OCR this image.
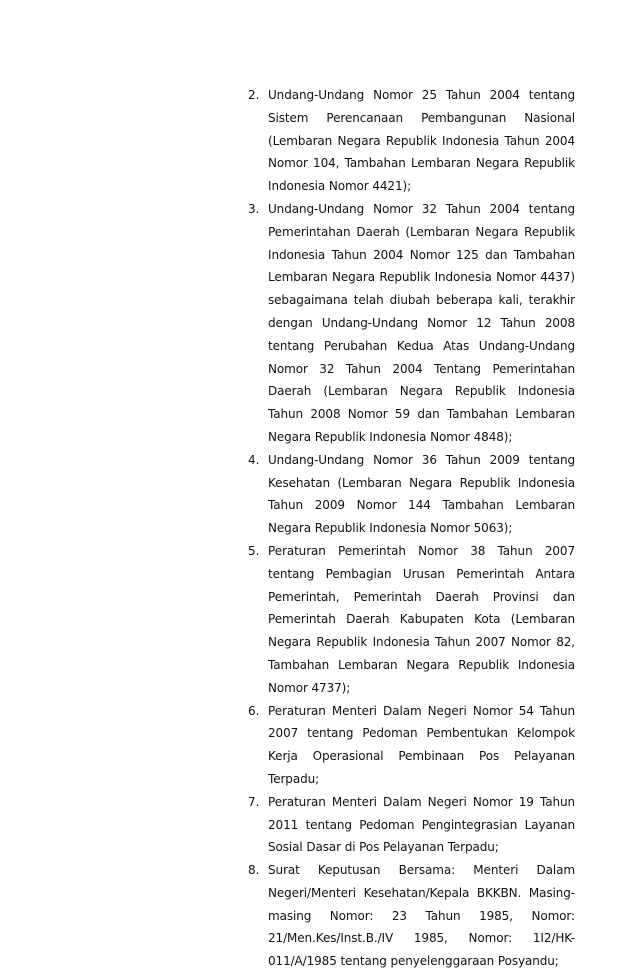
2. Undang-Undang Nomor 25 Tahun 2004 tentang Sistem Perencanaan Pembangunan Nasional (Lembaran Negara Republik Indonesia Tahun 2004 Nomor 104, Tambahan Lembaran Negara Republik Indonesia Nomor 4421);
3. Undang-Undang Nomor 32 Tahun 2004 tentang Pemerintahan Daerah (Lembaran Negara Republik Indonesia Tahun 2004 Nomor 125 dan Tambahan Lembaran Negara Republik Indonesia Nomor 4437) sebagaimana telah diubah beberapa kali, terakhir dengan Undang-Undang Nomor 12 Tahun 2008 tentang Perubahan Kedua Atas Undang-Undang Nomor 32 Tahun 2004 Tentang Pemerintahan Daerah (Lembaran Negara Republik Indonesia Tahun 2008 Nomor 59 dan Tambahan Lembaran Negara Republik Indonesia Nomor 4848);
4. Undang-Undang Nomor 36 Tahun 2009 tentang Kesehatan (Lembaran Negara Republik Indonesia Tahun 2009 Nomor 144 Tambahan Lembaran Negara Republik Indonesia Nomor 5063);
5. Peraturan Pemerintah Nomor 38 Tahun 2007 tentang Pembagian Urusan Pemerintah Antara Pemerintah, Pemerintah Daerah Provinsi dan Pemerintah Daerah Kabupaten Kota (Lembaran Negara Republik Indonesia Tahun 2007 Nomor 82, Tambahan Lembaran Negara Republik Indonesia Nomor 4737);
6. Peraturan Menteri Dalam Negeri Nomor 54 Tahun 2007 tentang Pedoman Pembentukan Kelompok Kerja Operasional Pembinaan Pos Pelayanan Terpadu;
7. Peraturan Menteri Dalam Negeri Nomor 19 Tahun 2011 tentang Pedoman Pengintegrasian Layanan Sosial Dasar di Pos Pelayanan Terpadu;
8. Surat Keputusan Bersama: Menteri Dalam Negeri/Menteri Kesehatan/Kepala BKKBN. Masing-masing Nomor: 23 Tahun 1985, Nomor: 21/Men.Kes/Inst.B./IV 1985, Nomor: 1I2/HK-011/A/1985 tentang penyelenggaraan Posyandu;
